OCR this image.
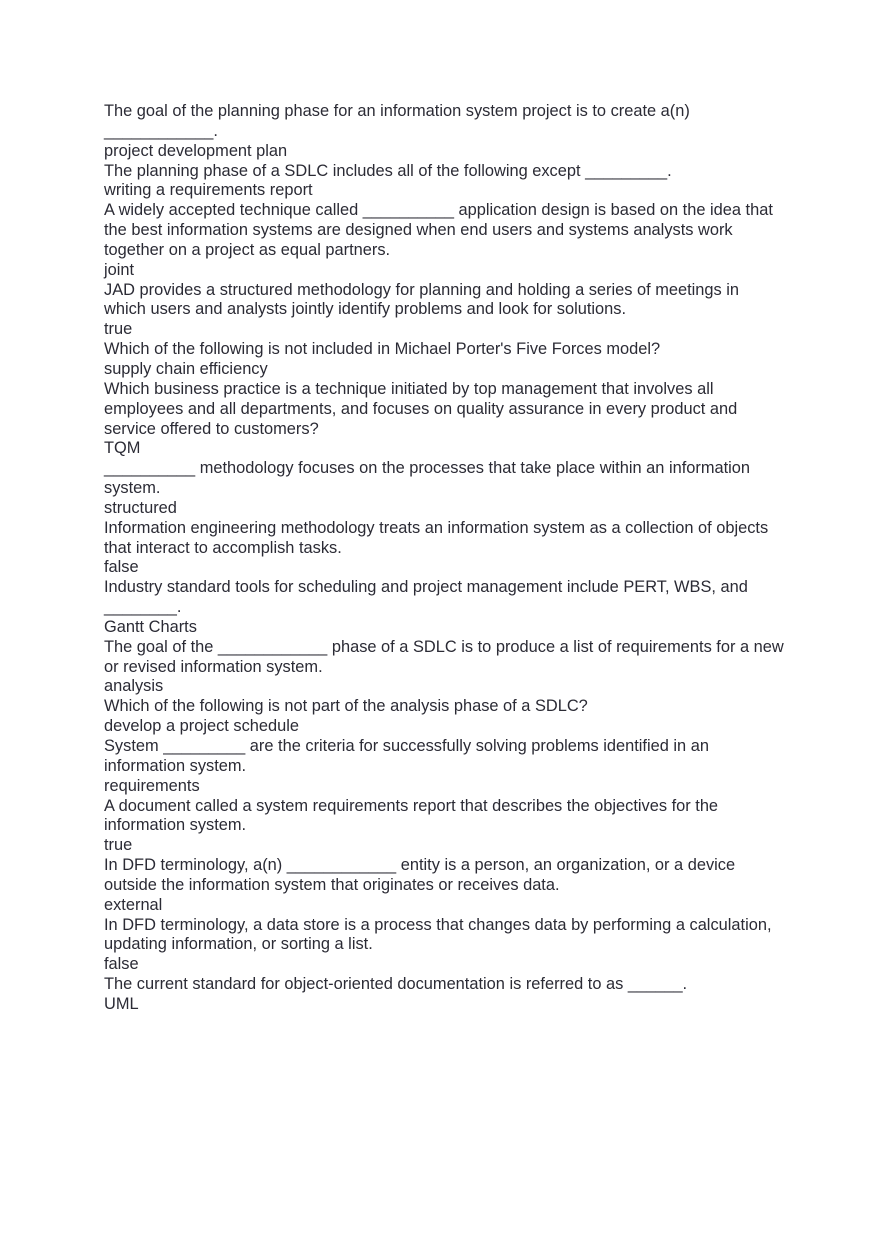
The goal of the planning phase for an information system project is to create a(n) ____________.
project development plan
The planning phase of a SDLC includes all of the following except _________.
writing a requirements report
A widely accepted technique called __________ application design is based on the idea that the best information systems are designed when end users and systems analysts work together on a project as equal partners.
joint
JAD provides a structured methodology for planning and holding a series of meetings in which users and analysts jointly identify problems and look for solutions.
true
Which of the following is not included in Michael Porter's Five Forces model?
supply chain efficiency
Which business practice is a technique initiated by top management that involves all employees and all departments, and focuses on quality assurance in every product and service offered to customers?
TQM
__________ methodology focuses on the processes that take place within an information system.
structured
Information engineering methodology treats an information system as a collection of objects that interact to accomplish tasks.
false
Industry standard tools for scheduling and project management include PERT, WBS, and ________.
Gantt Charts
The goal of the ____________ phase of a SDLC is to produce a list of requirements for a new or revised information system.
analysis
Which of the following is not part of the analysis phase of a SDLC?
develop a project schedule
System _________ are the criteria for successfully solving problems identified in an information system.
requirements
A document called a system requirements report that describes the objectives for the information system.
true
In DFD terminology, a(n) ____________ entity is a person, an organization, or a device outside the information system that originates or receives data.
external
In DFD terminology, a data store is a process that changes data by performing a calculation, updating information, or sorting a list.
false
The current standard for object-oriented documentation is referred to as ______.
UML
